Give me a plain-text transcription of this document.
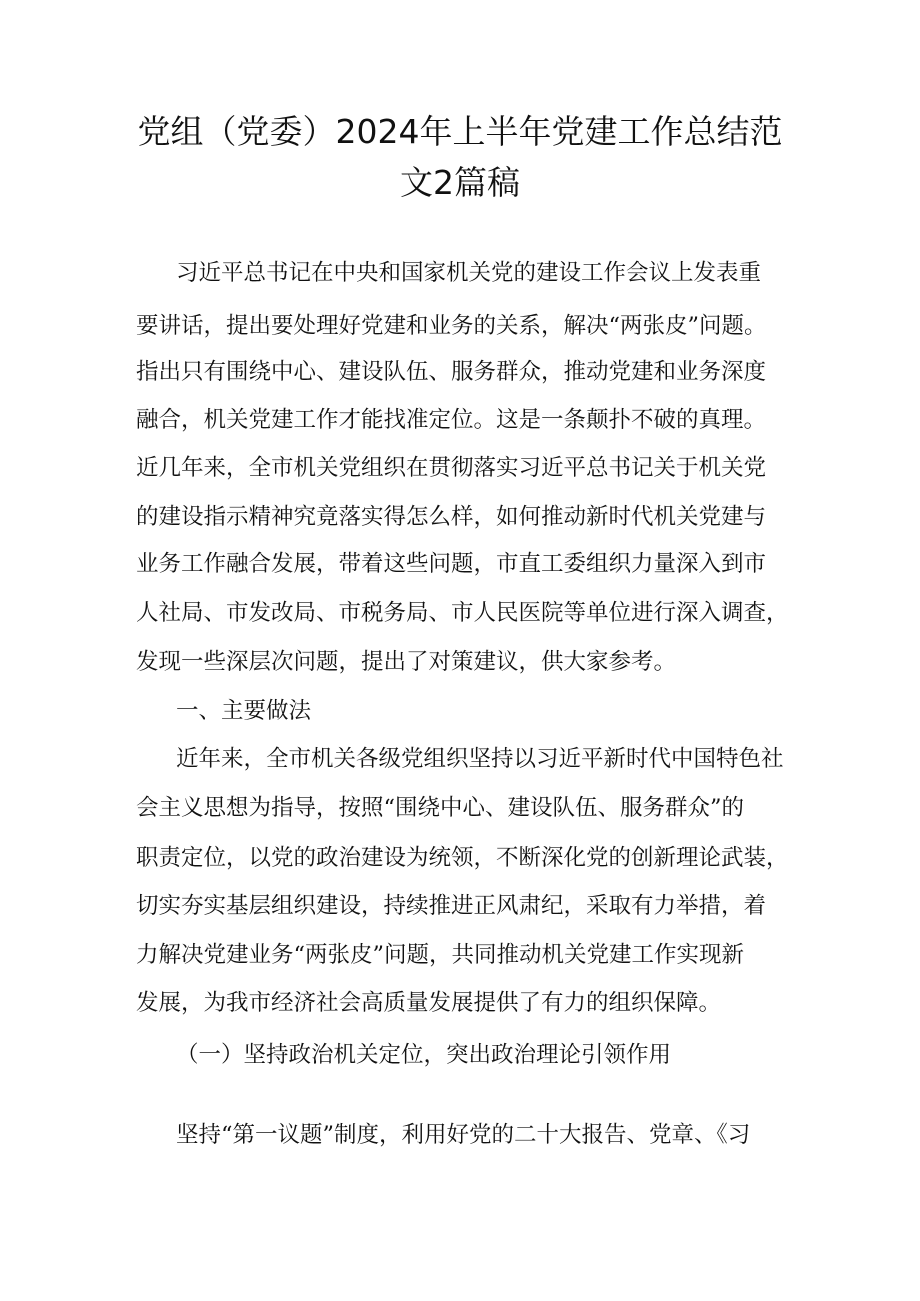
党组（党委）2024年上半年党建工作总结范
文2篇稿
习近平总书记在中央和国家机关党的建设工作会议上发表重
要讲话，提出要处理好党建和业务的关系，解决“两张皮”问题。
指出只有围绕中心、建设队伍、服务群众，推动党建和业务深度
融合，机关党建工作才能找准定位。这是一条颠扑不破的真理。
近几年来，全市机关党组织在贯彻落实习近平总书记关于机关党
的建设指示精神究竟落实得怎么样，如何推动新时代机关党建与
业务工作融合发展，带着这些问题，市直工委组织力量深入到市
人社局、市发改局、市税务局、市人民医院等单位进行深入调查，
发现一些深层次问题，提出了对策建议，供大家参考。
一、主要做法
近年来，全市机关各级党组织坚持以习近平新时代中国特色社
会主义思想为指导，按照“围绕中心、建设队伍、服务群众”的
职责定位，以党的政治建设为统领，不断深化党的创新理论武装，
切实夯实基层组织建设，持续推进正风肃纪，采取有力举措，着
力解决党建业务“两张皮”问题，共同推动机关党建工作实现新
发展，为我市经济社会高质量发展提供了有力的组织保障。
（一）坚持政治机关定位，突出政治理论引领作用
坚持“第一议题”制度，利用好党的二十大报告、党章、《习
